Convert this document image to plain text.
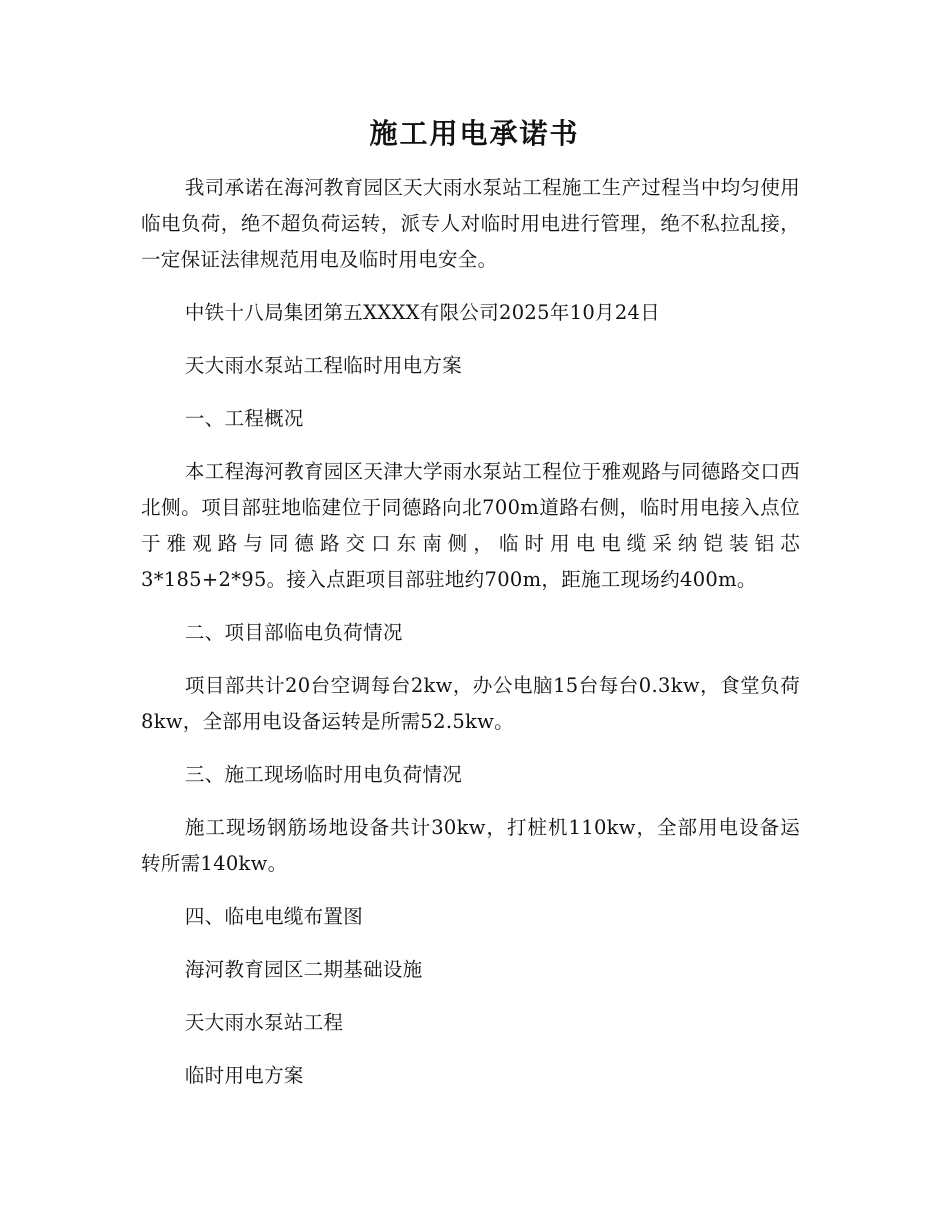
施工用电承诺书

我司承诺在海河教育园区天大雨水泵站工程施工生产过程当中均匀使用临电负荷，绝不超负荷运转，派专人对临时用电进行管理，绝不私拉乱接，一定保证法律规范用电及临时用电安全。

中铁十八局集团第五XXXX有限公司2025年10月24日

天大雨水泵站工程临时用电方案

一、工程概况

本工程海河教育园区天津大学雨水泵站工程位于雅观路与同德路交口西北侧。项目部驻地临建位于同德路向北700m道路右侧，临时用电接入点位于雅观路与同德路交口东南侧，临时用电电缆采纳铠装铝芯3*185+2*95。接入点距项目部驻地约700m，距施工现场约400m。

二、项目部临电负荷情况

项目部共计20台空调每台2kw，办公电脑15台每台0.3kw，食堂负荷8kw，全部用电设备运转是所需52.5kw。

三、施工现场临时用电负荷情况

施工现场钢筋场地设备共计30kw，打桩机110kw，全部用电设备运转所需140kw。

四、临电电缆布置图

海河教育园区二期基础设施

天大雨水泵站工程

临时用电方案
